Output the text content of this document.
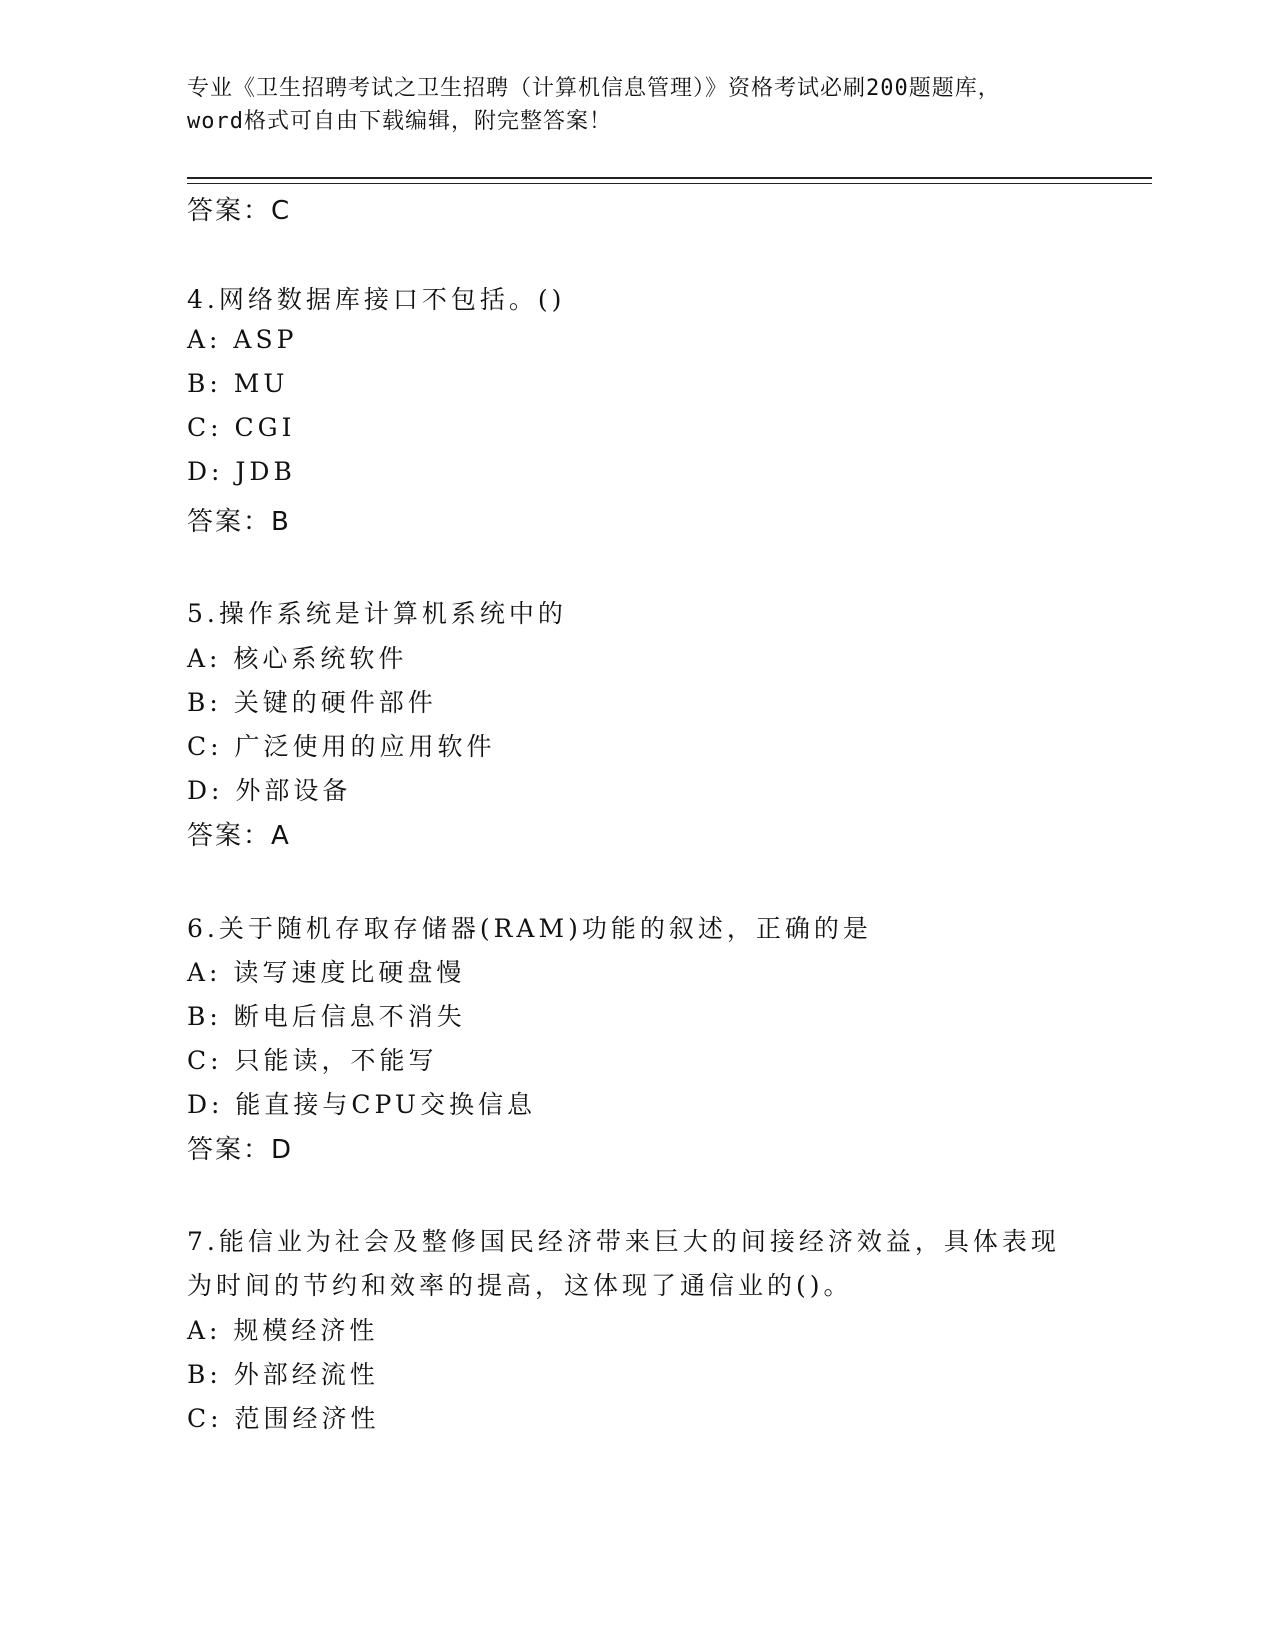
专业《卫生招聘考试之卫生招聘（计算机信息管理）》资格考试必刷200题题库，
word格式可自由下载编辑，附完整答案！
答案：C
4.网络数据库接口不包括。()
A: ASP
B: MU
C: CGI
D: JDB
答案：B
5.操作系统是计算机系统中的
A: 核心系统软件
B: 关键的硬件部件
C: 广泛使用的应用软件
D: 外部设备
答案：A
6.关于随机存取存储器(RAM)功能的叙述，正确的是
A: 读写速度比硬盘慢
B: 断电后信息不消失
C: 只能读，不能写
D: 能直接与CPU交换信息
答案：D
7.能信业为社会及整修国民经济带来巨大的间接经济效益，具体表现
为时间的节约和效率的提高，这体现了通信业的()。
A: 规模经济性
B: 外部经流性
C: 范围经济性
